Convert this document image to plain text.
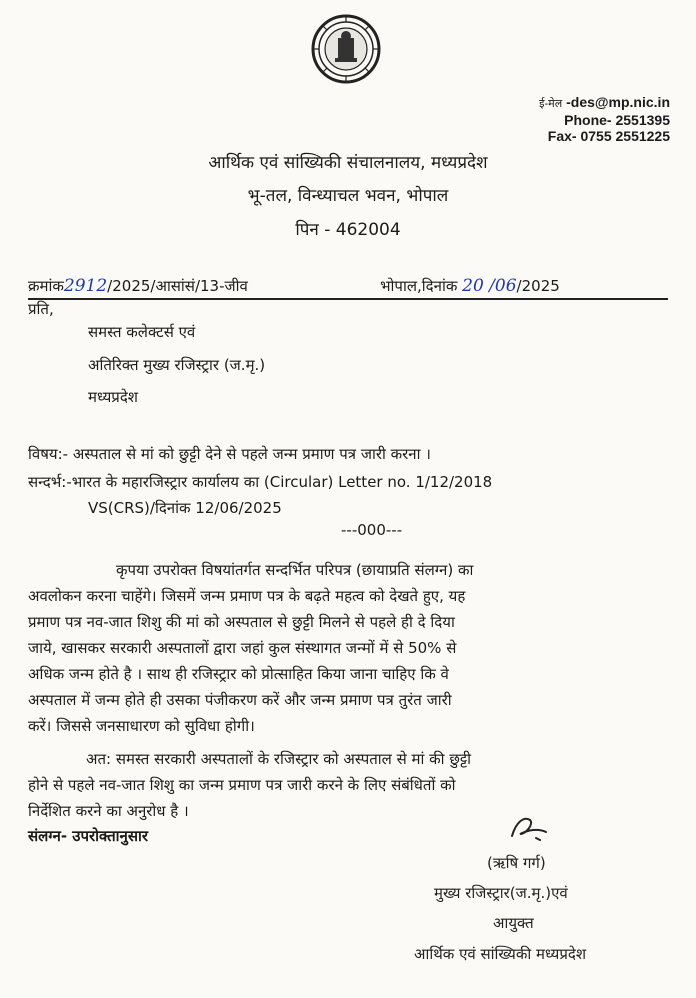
ई-मेल -des@mp.nic.in
Phone- 2551395
Fax- 0755 2551225
आर्थिक एवं सांख्यिकी संचालनालय, मध्यप्रदेश
भू-तल, विन्ध्याचल भवन, भोपाल
पिन - 462004
क्रमांक2912/2025/आसांसं/13-जीव	भोपाल,दिनांक 20 /06/2025
प्रति,
समस्त कलेक्टर्स एवं
अतिरिक्त मुख्य रजिस्ट्रार (ज.मृ.)
मध्यप्रदेश
विषय:- अस्पताल से मां को छुट्टी देने से पहले जन्म प्रमाण पत्र जारी करना ।
सन्दर्भ:-भारत के महारजिस्ट्रार कार्यालय का (Circular) Letter no. 1/12/2018
VS(CRS)/दिनांक 12/06/2025
---000---
कृपया उपरोक्त विषयांतर्गत सन्दर्भित परिपत्र (छायाप्रति संलग्न) का
अवलोकन करना चाहेंगे। जिसमें जन्म प्रमाण पत्र के बढ़ते महत्व को देखते हुए, यह
प्रमाण पत्र नव-जात शिशु की मां को अस्पताल से छुट्टी मिलने से पहले ही दे दिया
जाये, खासकर सरकारी अस्पतालों द्वारा जहां कुल संस्थागत जन्मों में से 50% से
अधिक जन्म होते है । साथ ही रजिस्ट्रार को प्रोत्साहित किया जाना चाहिए कि वे
अस्पताल में जन्म होते ही उसका पंजीकरण करें और जन्म प्रमाण पत्र तुरंत जारी
करें। जिससे जनसाधारण को सुविधा होगी।
अत: समस्त सरकारी अस्पतालों के रजिस्ट्रार को अस्पताल से मां की छुट्टी
होने से पहले नव-जात शिशु का जन्म प्रमाण पत्र जारी करने के लिए संबंधितों को
निर्देशित करने का अनुरोध है ।
संलग्न- उपरोक्तानुसार
(ऋषि गर्ग)
मुख्य रजिस्ट्रार(ज.मृ.)एवं
आयुक्त
आर्थिक एवं सांख्यिकी मध्यप्रदेश
